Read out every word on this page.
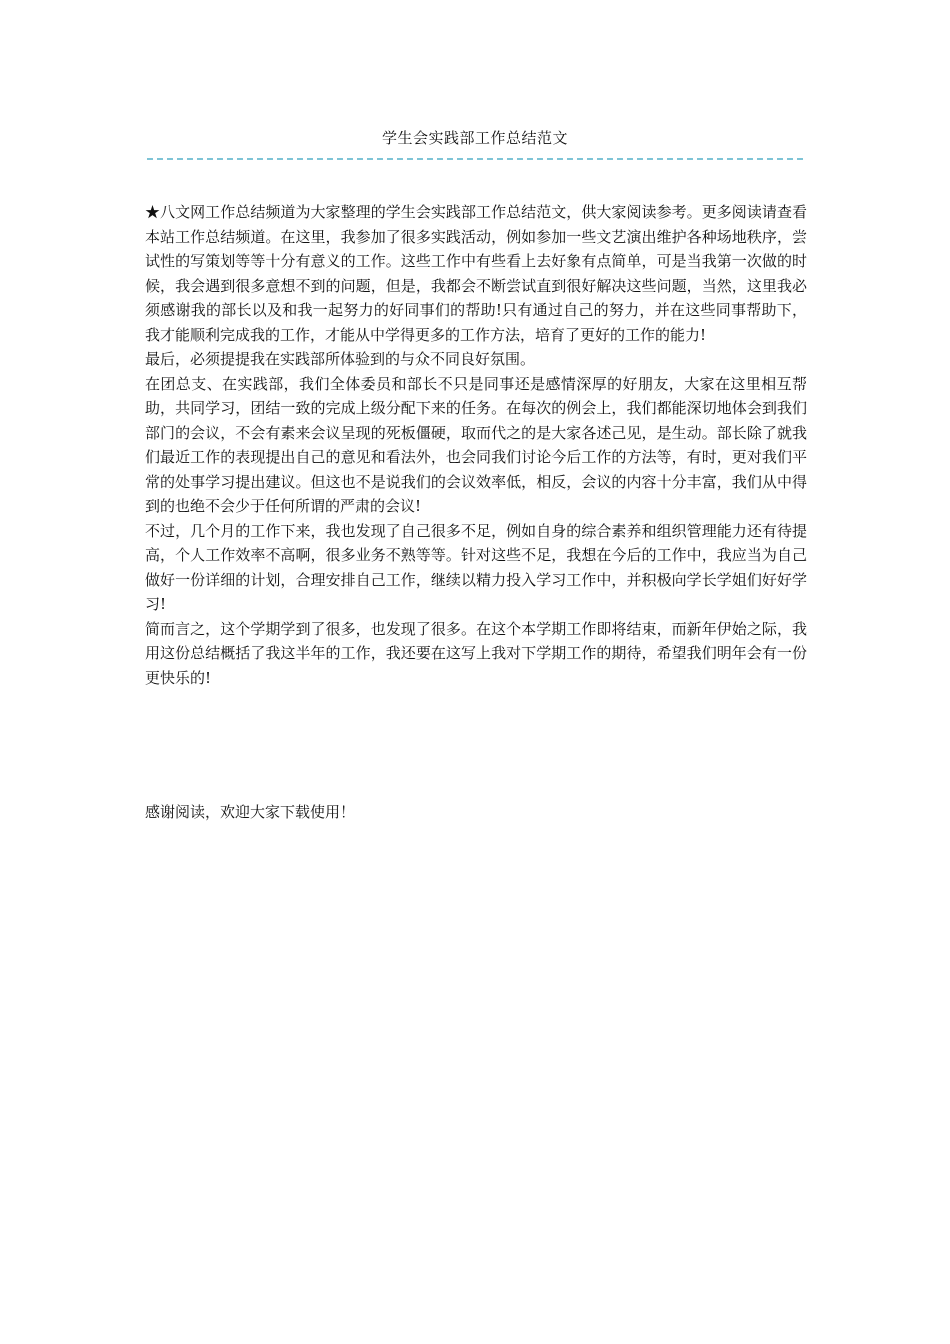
学生会实践部工作总结范文

★八文网工作总结频道为大家整理的学生会实践部工作总结范文，供大家阅读参考。更多阅读请查看本站工作总结频道。在这里，我参加了很多实践活动，例如参加一些文艺演出维护各种场地秩序，尝试性的写策划等等十分有意义的工作。这些工作中有些看上去好象有点简单，可是当我第一次做的时候，我会遇到很多意想不到的问题，但是，我都会不断尝试直到很好解决这些问题，当然，这里我必须感谢我的部长以及和我一起努力的好同事们的帮助!只有通过自己的努力，并在这些同事帮助下，我才能顺利完成我的工作，才能从中学得更多的工作方法，培育了更好的工作的能力!

最后，必须提提我在实践部所体验到的与众不同良好氛围。

在团总支、在实践部，我们全体委员和部长不只是同事还是感情深厚的好朋友，大家在这里相互帮助，共同学习，团结一致的完成上级分配下来的任务。在每次的例会上，我们都能深切地体会到我们部门的会议，不会有素来会议呈现的死板僵硬，取而代之的是大家各述己见，是生动。部长除了就我们最近工作的表现提出自己的意见和看法外，也会同我们讨论今后工作的方法等，有时，更对我们平常的处事学习提出建议。但这也不是说我们的会议效率低，相反，会议的内容十分丰富，我们从中得到的也绝不会少于任何所谓的严肃的会议!

不过，几个月的工作下来，我也发现了自己很多不足，例如自身的综合素养和组织管理能力还有待提高，个人工作效率不高啊，很多业务不熟等等。针对这些不足，我想在今后的工作中，我应当为自己做好一份详细的计划，合理安排自己工作，继续以精力投入学习工作中，并积极向学长学姐们好好学习!

简而言之，这个学期学到了很多，也发现了很多。在这个本学期工作即将结束，而新年伊始之际，我用这份总结概括了我这半年的工作，我还要在这写上我对下学期工作的期待，希望我们明年会有一份更快乐的!

感谢阅读，欢迎大家下载使用！
